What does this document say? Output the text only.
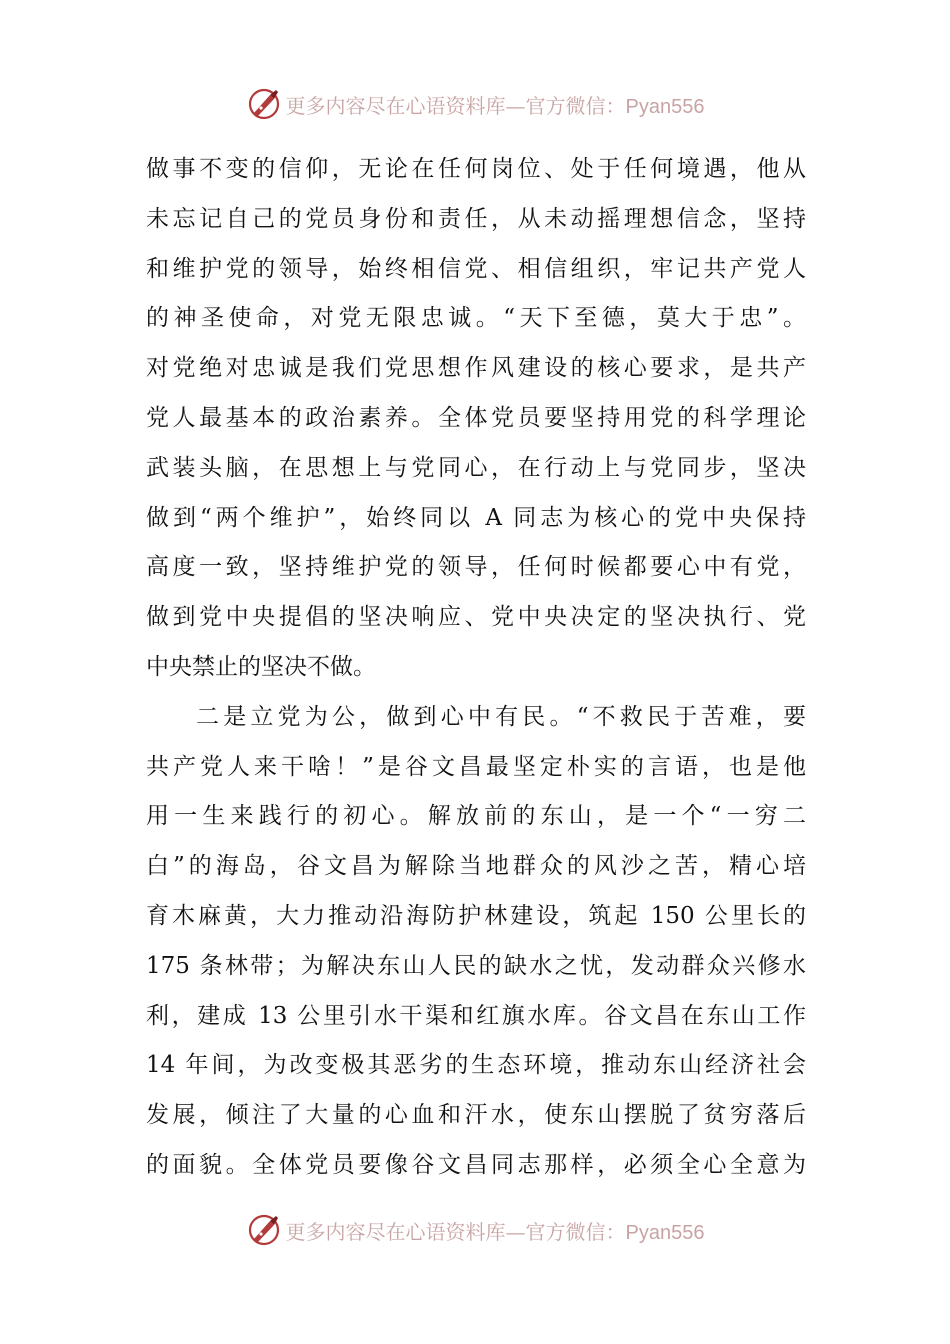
更多内容尽在心语资料库—官方微信：Pyan556
做事不变的信仰，无论在任何岗位、处于任何境遇，他从
未忘记自己的党员身份和责任，从未动摇理想信念，坚持
和维护党的领导，始终相信党、相信组织，牢记共产党人
的神圣使命，对党无限忠诚。“天下至德，莫大于忠”。
对党绝对忠诚是我们党思想作风建设的核心要求，是共产
党人最基本的政治素养。全体党员要坚持用党的科学理论
武装头脑，在思想上与党同心，在行动上与党同步，坚决
做到“两个维护”，始终同以 A 同志为核心的党中央保持
高度一致，坚持维护党的领导，任何时候都要心中有党，
做到党中央提倡的坚决响应、党中央决定的坚决执行、党
中央禁止的坚决不做。
二是立党为公，做到心中有民。“不救民于苦难，要
共产党人来干啥！”是谷文昌最坚定朴实的言语，也是他
用一生来践行的初心。解放前的东山，是一个“一穷二
白”的海岛，谷文昌为解除当地群众的风沙之苦，精心培
育木麻黄，大力推动沿海防护林建设，筑起 150 公里长的
175 条林带；为解决东山人民的缺水之忧，发动群众兴修水
利，建成 13 公里引水干渠和红旗水库。谷文昌在东山工作
14 年间，为改变极其恶劣的生态环境，推动东山经济社会
发展，倾注了大量的心血和汗水，使东山摆脱了贫穷落后
的面貌。全体党员要像谷文昌同志那样，必须全心全意为
更多内容尽在心语资料库—官方微信：Pyan556
